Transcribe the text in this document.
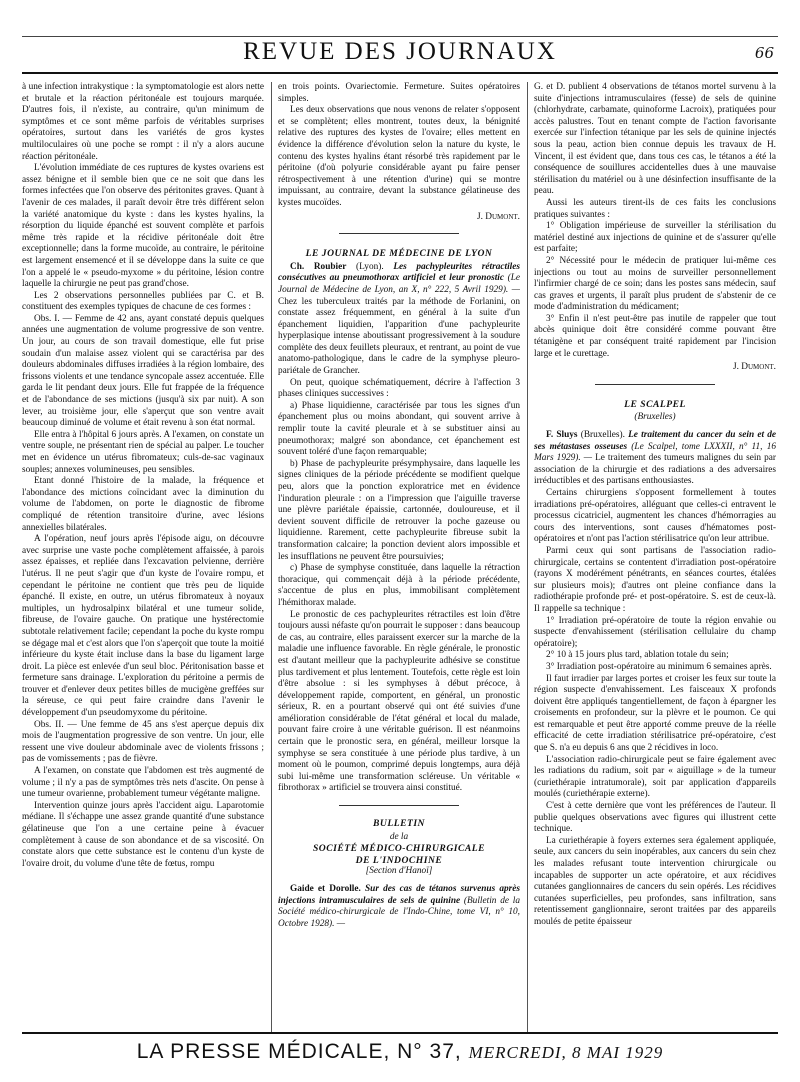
REVUE DES JOURNAUX	66

à une infection intrakystique : la symptomatologie est alors nette et brutale et la réaction péritonéale est toujours marquée. D'autres fois, il n'existe, au contraire, qu'un minimum de symptômes et ce sont même parfois de véritables surprises opératoires, surtout dans les variétés de gros kystes multiloculaires où une poche se rompt : il n'y a alors aucune réaction péritonéale.

L'évolution immédiate de ces ruptures de kystes ovariens est assez bénigne et il semble bien que ce ne soit que dans les formes infectées que l'on observe des péritonites graves. Quant à l'avenir de ces malades, il paraît devoir être très différent selon la variété anatomique du kyste : dans les kystes hyalins, la résorption du liquide épanché est souvent complète et parfois même très rapide et la récidive péritonéale doit être exceptionnelle; dans la forme mucoïde, au contraire, le péritoine est largement ensemencé et il se développe dans la suite ce que l'on a appelé le « pseudo-myxome » du péritoine, lésion contre laquelle la chirurgie ne peut pas grand'chose.

Les 2 observations personnelles publiées par C. et B. constituent des exemples typiques de chacune de ces formes :

Obs. I. — Femme de 42 ans, ayant constaté depuis quelques années une augmentation de volume progressive de son ventre. Un jour, au cours de son travail domestique, elle fut prise soudain d'un malaise assez violent qui se caractérisa par des douleurs abdominales diffuses irradiées à la région lombaire, des frissons violents et une tendance syncopale assez accentuée. Elle garda le lit pendant deux jours. Elle fut frappée de la fréquence et de l'abondance de ses mictions (jusqu'à six par nuit). A son lever, au troisième jour, elle s'aperçut que son ventre avait beaucoup diminué de volume et était revenu à son état normal.

Elle entra à l'hôpital 6 jours après. A l'examen, on constate un ventre souple, ne présentant rien de spécial au palper. Le toucher met en évidence un utérus fibromateux; culs-de-sac vaginaux souples; annexes volumineuses, peu sensibles.

Etant donné l'histoire de la malade, la fréquence et l'abondance des mictions coïncidant avec la diminution du volume de l'abdomen, on porte le diagnostic de fibrome compliqué de rétention transitoire d'urine, avec lésions annexielles bilatérales.

A l'opération, neuf jours après l'épisode aigu, on découvre avec surprise une vaste poche complètement affaissée, à parois assez épaisses, et repliée dans l'excavation pelvienne, derrière l'utérus. Il ne peut s'agir que d'un kyste de l'ovaire rompu, et cependant le péritoine ne contient que très peu de liquide épanché. Il existe, en outre, un utérus fibromateux à noyaux multiples, un hydrosalpinx bilatéral et une tumeur solide, fibreuse, de l'ovaire gauche. On pratique une hystérectomie subtotale relativement facile; cependant la poche du kyste rompu se dégage mal et c'est alors que l'on s'aperçoit que toute la moitié inférieure du kyste était incluse dans la base du ligament large droit. La pièce est enlevée d'un seul bloc. Péritonisation basse et fermeture sans drainage. L'exploration du péritoine a permis de trouver et d'enlever deux petites billes de mucigène greffées sur la séreuse, ce qui peut faire craindre dans l'avenir le développement d'un pseudomyxome du péritoine.

Obs. II. — Une femme de 45 ans s'est aperçue depuis dix mois de l'augmentation progressive de son ventre. Un jour, elle ressent une vive douleur abdominale avec de violents frissons ; pas de vomissements ; pas de fièvre.

A l'examen, on constate que l'abdomen est très augmenté de volume ; il n'y a pas de symptômes très nets d'ascite. On pense à une tumeur ovarienne, probablement tumeur végétante maligne.

Intervention quinze jours après l'accident aigu. Laparotomie médiane. Il s'échappe une assez grande quantité d'une substance gélatineuse que l'on a une certaine peine à évacuer complètement à cause de son abondance et de sa viscosité. On constate alors que cette substance est le contenu d'un kyste de l'ovaire droit, du volume d'une tête de fœtus, rompu

en trois points. Ovariectomie. Fermeture. Suites opératoires simples.

Les deux observations que nous venons de relater s'opposent et se complètent; elles montrent, toutes deux, la bénignité relative des ruptures des kystes de l'ovaire; elles mettent en évidence la différence d'évolution selon la nature du kyste, le contenu des kystes hyalins étant résorbé très rapidement par le péritoine (d'où polyurie considérable ayant pu faire penser rétrospectivement à une rétention d'urine) qui se montre impuissant, au contraire, devant la substance gélatineuse des kystes mucoïdes.

J. Dumont.

LE JOURNAL DE MÉDECINE DE LYON

Ch. Roubier (Lyon). Les pachypleurites rétractiles consécutives au pneumothorax artificiel et leur pronostic (Le Journal de Médecine de Lyon, an X, n° 222, 5 Avril 1929). — Chez les tuberculeux traités par la méthode de Forlanini, on constate assez fréquemment, en général à la suite d'un épanchement liquidien, l'apparition d'une pachypleurite hyperplasique intense aboutissant progressivement à la soudure complète des deux feuillets pleuraux, et rentrant, au point de vue anatomo-pathologique, dans le cadre de la symphyse pleuro-pariétale de Grancher.

On peut, quoique schématiquement, décrire à l'affection 3 phases cliniques successives :

a) Phase liquidienne, caractérisée par tous les signes d'un épanchement plus ou moins abondant, qui souvent arrive à remplir toute la cavité pleurale et à se substituer ainsi au pneumothorax; malgré son abondance, cet épanchement est souvent toléré d'une façon remarquable;

b) Phase de pachypleurite présymphysaire, dans laquelle les signes cliniques de la période précédente se modifient quelque peu, alors que la ponction exploratrice met en évidence l'induration pleurale : on a l'impression que l'aiguille traverse une plèvre pariétale épaissie, cartonnée, douloureuse, et il devient souvent difficile de retrouver la poche gazeuse ou liquidienne. Rarement, cette pachypleurite fibreuse subit la transformation calcaire; la ponction devient alors impossible et les insufflations ne peuvent être poursuivies;

c) Phase de symphyse constituée, dans laquelle la rétraction thoracique, qui commençait déjà à la période précédente, s'accentue de plus en plus, immobilisant complètement l'hémithorax malade.

Le pronostic de ces pachypleurites rétractiles est loin d'être toujours aussi néfaste qu'on pourrait le supposer : dans beaucoup de cas, au contraire, elles paraissent exercer sur la marche de la maladie une influence favorable. En règle générale, le pronostic est d'autant meilleur que la pachypleurite adhésive se constitue plus tardivement et plus lentement. Toutefois, cette règle est loin d'être absolue : si les symphyses à début précoce, à développement rapide, comportent, en général, un pronostic sérieux, R. en a pourtant observé qui ont été suivies d'une amélioration considérable de l'état général et local du malade, pouvant faire croire à une véritable guérison. Il est néanmoins certain que le pronostic sera, en général, meilleur lorsque la symphyse se sera constituée à une période plus tardive, à un moment où le poumon, comprimé depuis longtemps, aura déjà subi lui-même une transformation scléreuse. Un véritable « fibrothorax » artificiel se trouvera ainsi constitué.

BULLETIN
de la
SOCIÉTÉ MÉDICO-CHIRURGICALE
DE L'INDOCHINE
[Section d'Hanoï]

Gaide et Dorolle. Sur des cas de tétanos survenus après injections intramusculaires de sels de quinine (Bulletin de la Société médico-chirurgicale de l'Indo-Chine, tome VI, n° 10, Octobre 1928). —

G. et D. publient 4 observations de tétanos mortel survenu à la suite d'injections intramusculaires (fesse) de sels de quinine (chlorhydrate, carbamate, quinoforme Lacroix), pratiquées pour accès palustres. Tout en tenant compte de l'action favorisante exercée sur l'infection tétanique par les sels de quinine injectés sous la peau, action bien connue depuis les travaux de H. Vincent, il est évident que, dans tous ces cas, le tétanos a été la conséquence de souillures accidentelles dues à une mauvaise stérilisation du matériel ou à une désinfection insuffisante de la peau.

Aussi les auteurs tirent-ils de ces faits les conclusions pratiques suivantes :

1° Obligation impérieuse de surveiller la stérilisation du matériel destiné aux injections de quinine et de s'assurer qu'elle est parfaite;

2° Nécessité pour le médecin de pratiquer lui-même ces injections ou tout au moins de surveiller personnellement l'infirmier chargé de ce soin; dans les postes sans médecin, sauf cas graves et urgents, il paraît plus prudent de s'abstenir de ce mode d'administration du médicament;

3° Enfin il n'est peut-être pas inutile de rappeler que tout abcès quinique doit être considéré comme pouvant être tétanigène et par conséquent traité rapidement par l'incision large et le curettage.

J. Dumont.

LE SCALPEL
(Bruxelles)

F. Sluys (Bruxelles). Le traitement du cancer du sein et de ses métastases osseuses (Le Scalpel, tome LXXXII, n° 11, 16 Mars 1929). — Le traitement des tumeurs malignes du sein par association de la chirurgie et des radiations a des adversaires irréductibles et des partisans enthousiastes.

Certains chirurgiens s'opposent formellement à toutes irradiations pré-opératoires, alléguant que celles-ci entravent le processus cicatriciel, augmentent les chances d'hémorragies au cours des interventions, sont causes d'hématomes post-opératoires et n'ont pas l'action stérilisatrice qu'on leur attribue.

Parmi ceux qui sont partisans de l'association radio-chirurgicale, certains se contentent d'irradiation post-opératoire (rayons X modérément pénétrants, en séances courtes, étalées sur plusieurs mois); d'autres ont pleine confiance dans la radiothérapie profonde pré- et post-opératoire. S. est de ceux-là. Il rappelle sa technique :

1° Irradiation pré-opératoire de toute la région envahie ou suspecte d'envahissement (stérilisation cellulaire du champ opératoire);

2° 10 à 15 jours plus tard, ablation totale du sein;

3° Irradiation post-opératoire au minimum 6 semaines après.

Il faut irradier par larges portes et croiser les feux sur toute la région suspecte d'envahissement. Les faisceaux X profonds doivent être appliqués tangentiellement, de façon à épargner les croisements en profondeur, sur la plèvre et le poumon. Ce qui est remarquable et peut être apporté comme preuve de la réelle efficacité de cette irradiation stérilisatrice pré-opératoire, c'est que S. n'a eu depuis 6 ans que 2 récidives in loco.

L'association radio-chirurgicale peut se faire également avec les radiations du radium, soit par « aiguillage » de la tumeur (curiethérapie intratumorale), soit par application d'appareils moulés (curiethérapie externe).

C'est à cette dernière que vont les préférences de l'auteur. Il publie quelques observations avec figures qui illustrent cette technique.

La curiethérapie à foyers externes sera également appliquée, seule, aux cancers du sein inopérables, aux cancers du sein chez les malades refusant toute intervention chirurgicale ou incapables de supporter un acte opératoire, et aux récidives cutanées ganglionnaires de cancers du sein opérés. Les récidives cutanées superficielles, peu profondes, sans infiltration, sans retentissement ganglionnaire, seront traitées par des appareils moulés de petite épaisseur

LA PRESSE MÉDICALE, N° 37, MERCREDI, 8 MAI 1929
